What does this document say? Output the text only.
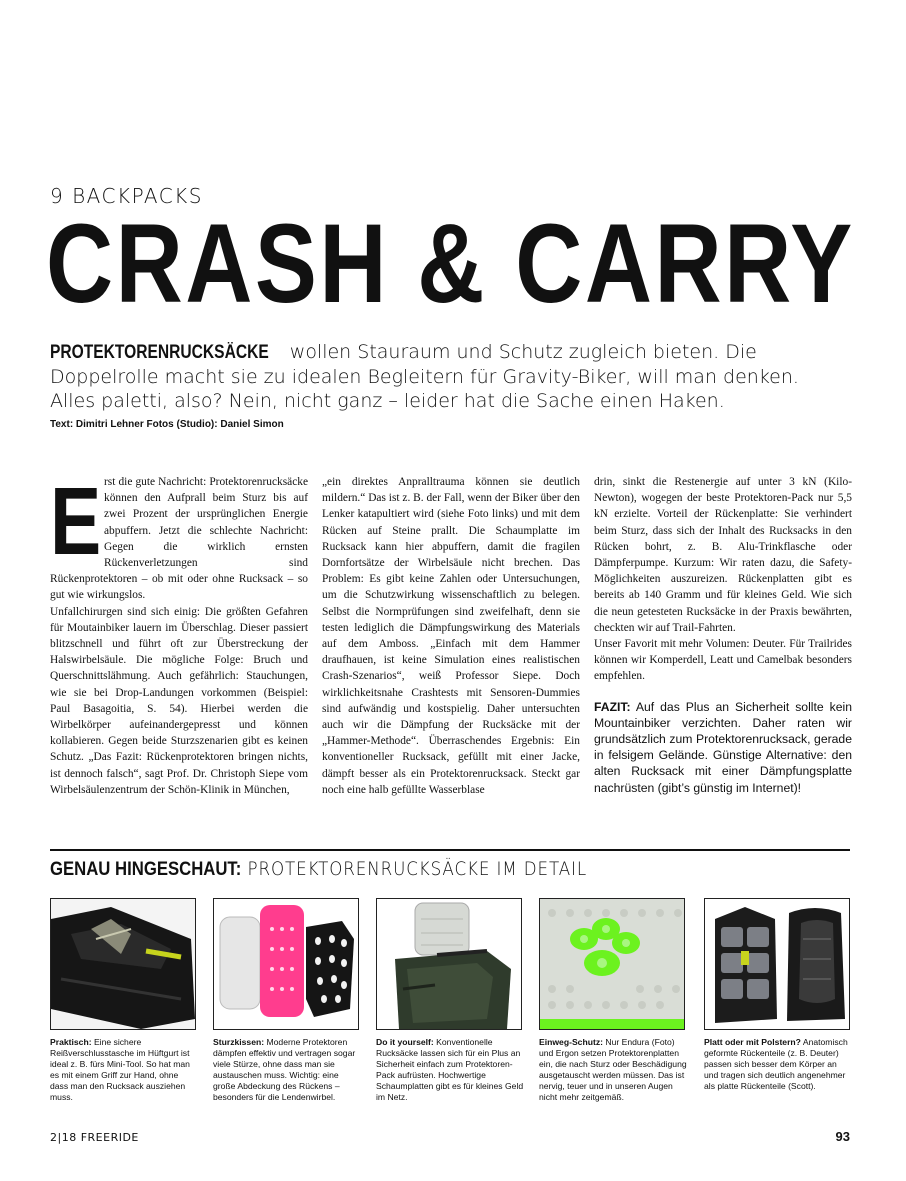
9 BACKPACKS
CRASH & CARRY

PROTEKTORENRUCKSÄCKE wollen Stauraum und Schutz zugleich bieten. Die Doppelrolle macht sie zu idealen Begleitern für Gravity-Biker, will man denken. Alles paletti, also? Nein, nicht ganz – leider hat die Sache einen Haken.

Text: Dimitri Lehner Fotos (Studio): Daniel Simon

Erst die gute Nachricht: Protektorenrucksäcke können den Aufprall beim Sturz bis auf zwei Prozent der ursprünglichen Energie abpuffern. Jetzt die schlechte Nachricht: Gegen die wirklich ernsten Rückenverletzungen sind Rückenprotektoren – ob mit oder ohne Rucksack – so gut wie wirkungslos.

Unfallchirurgen sind sich einig: Die größten Gefahren für Moutainbiker lauern im Überschlag. Dieser passiert blitzschnell und führt oft zur Überstreckung der Halswirbelsäule. Die mögliche Folge: Bruch und Querschnittslähmung. Auch gefährlich: Stauchungen, wie sie bei Drop-Landungen vorkommen (Beispiel: Paul Basagoitia, S. 54). Hierbei werden die Wirbelkörper aufeinandergepresst und können kollabieren. Gegen beide Sturzszenarien gibt es keinen Schutz. „Das Fazit: Rückenprotektoren bringen nichts, ist dennoch falsch“, sagt Prof. Dr. Christoph Siepe vom Wirbelsäulenzentrum der Schön-Klinik in München,

„ein direktes Anpralltrauma können sie deutlich mildern.“ Das ist z. B. der Fall, wenn der Biker über den Lenker katapultiert wird (siehe Foto links) und mit dem Rücken auf Steine prallt. Die Schaumplatte im Rucksack kann hier abpuffern, damit die fragilen Dornfortsätze der Wirbelsäule nicht brechen. Das Problem: Es gibt keine Zahlen oder Untersuchungen, um die Schutzwirkung wissenschaftlich zu belegen. Selbst die Normprüfungen sind zweifelhaft, denn sie testen lediglich die Dämpfungswirkung des Materials auf dem Amboss. „Einfach mit dem Hammer draufhauen, ist keine Simulation eines realistischen Crash-Szenarios“, weiß Professor Siepe. Doch wirklichkeitsnahe Crashtests mit Sensoren-Dummies sind aufwändig und kostspielig. Daher untersuchten auch wir die Dämpfung der Rucksäcke mit der „Hammer-Methode“. Überraschendes Ergebnis: Ein konventioneller Rucksack, gefüllt mit einer Jacke, dämpft besser als ein Protektorenrucksack. Steckt gar noch eine halb gefüllte Wasserblase

drin, sinkt die Restenergie auf unter 3 kN (Kilo-Newton), wogegen der beste Protektoren-Pack nur 5,5 kN erzielte. Vorteil der Rückenplatte: Sie verhindert beim Sturz, dass sich der Inhalt des Rucksacks in den Rücken bohrt, z. B. Alu-Trinkflasche oder Dämpferpumpe. Kurzum: Wir raten dazu, die Safety-Möglichkeiten auszureizen. Rückenplatten gibt es bereits ab 140 Gramm und für kleines Geld. Wie sich die neun getesteten Rucksäcke in der Praxis bewährten, checkten wir auf Trail-Fahrten.

Unser Favorit mit mehr Volumen: Deuter. Für Trailrides können wir Komperdell, Leatt und Camelbak besonders empfehlen.

FAZIT: Auf das Plus an Sicherheit sollte kein Mountainbiker verzichten. Daher raten wir grundsätzlich zum Protektorenrucksack, gerade in felsigem Gelände. Günstige Alternative: den alten Rucksack mit einer Dämpfungsplatte nachrüsten (gibt’s günstig im Internet)!

GENAU HINGESCHAUT: PROTEKTORENRUCKSÄCKE IM DETAIL
Praktisch: Eine sichere Reißverschlusstasche im Hüftgurt ist ideal z. B. fürs Mini-Tool. So hat man es mit einem Griff zur Hand, ohne dass man den Rucksack ausziehen muss.
Sturzkissen: Moderne Protektoren dämpfen effektiv und vertragen sogar viele Stürze, ohne dass man sie austauschen muss. Wichtig: eine große Abdeckung des Rückens – besonders für die Lendenwirbel.
Do it yourself: Konventionelle Rucksäcke lassen sich für ein Plus an Sicherheit einfach zum Protektoren-Pack aufrüsten. Hochwertige Schaumplatten gibt es für kleines Geld im Netz.
Einweg-Schutz: Nur Endura (Foto) und Ergon setzen Protektorenplatten ein, die nach Sturz oder Beschädigung ausgetauscht werden müssen. Das ist nervig, teuer und in unseren Augen nicht mehr zeitgemäß.
Platt oder mit Polstern? Anatomisch geformte Rückenteile (z. B. Deuter) passen sich besser dem Körper an und tragen sich deutlich angenehmer als platte Rückenteile (Scott).
2|18 FREERIDE	93
